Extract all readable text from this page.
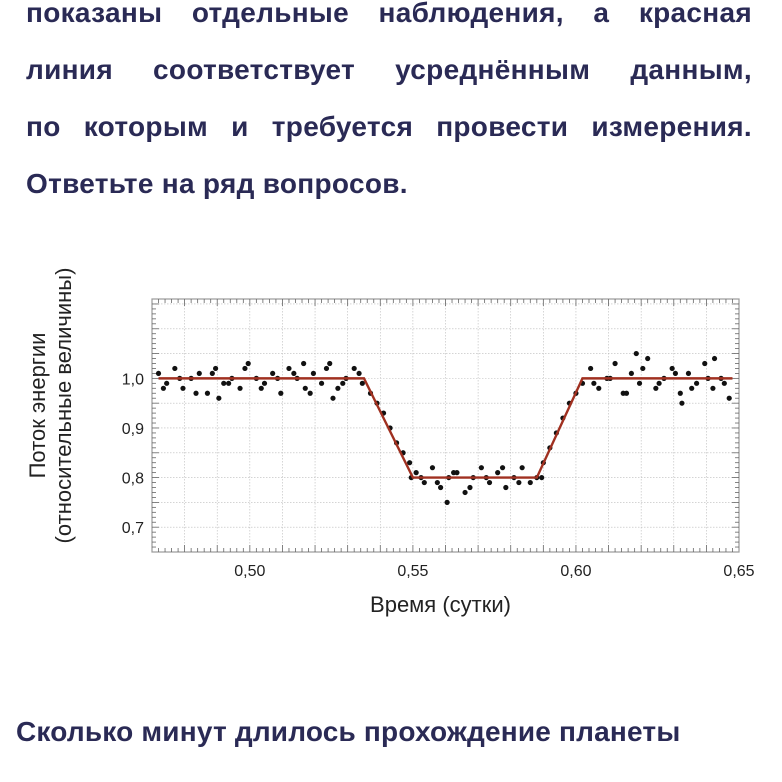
показаны отдельные наблюдения, а красная
линия соответствует усреднённым данным,
по которым и требуется провести измерения.
Ответьте на ряд вопросов.
0,50	0,55	0,60	0,65
0,7
0,8
0,9
1,0
Время (сутки)
Поток энергии (относительные величины)
Сколько минут длилось прохождение планеты
